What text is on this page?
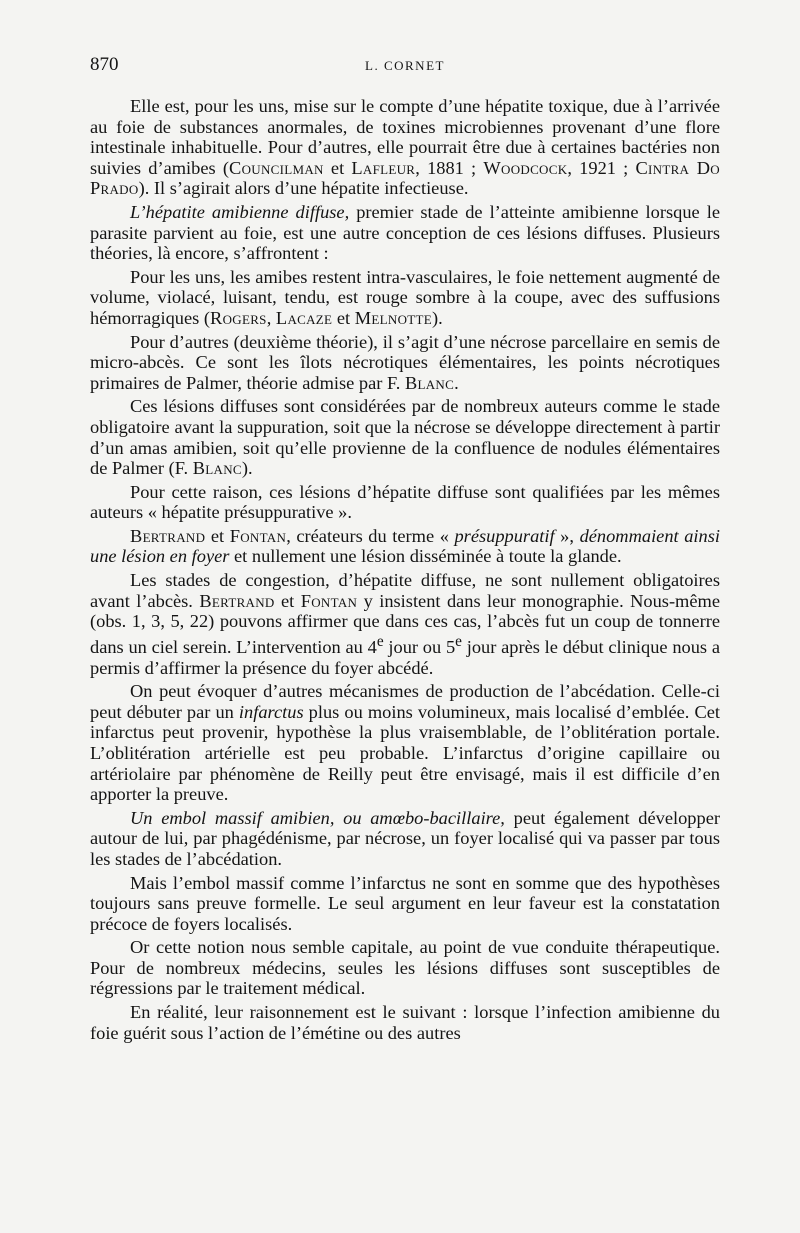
870	L. CORNET

Elle est, pour les uns, mise sur le compte d’une hépatite toxique, due à l’arrivée au foie de substances anormales, de toxines microbiennes provenant d’une flore intestinale inhabituelle. Pour d’autres, elle pourrait être due à certaines bactéries non suivies d’amibes (Councilman et Lafleur, 1881 ; Woodcock, 1921 ; Cintra Do Prado). Il s’agirait alors d’une hépatite infectieuse.

L’hépatite amibienne diffuse, premier stade de l’atteinte amibienne lorsque le parasite parvient au foie, est une autre conception de ces lésions diffuses. Plusieurs théories, là encore, s’affrontent :

Pour les uns, les amibes restent intra-vasculaires, le foie nettement augmenté de volume, violacé, luisant, tendu, est rouge sombre à la coupe, avec des suffusions hémorragiques (Rogers, Lacaze et Melnotte).

Pour d’autres (deuxième théorie), il s’agit d’une nécrose parcellaire en semis de micro-abcès. Ce sont les îlots nécrotiques élémentaires, les points nécrotiques primaires de Palmer, théorie admise par F. Blanc.

Ces lésions diffuses sont considérées par de nombreux auteurs comme le stade obligatoire avant la suppuration, soit que la nécrose se développe directement à partir d’un amas amibien, soit qu’elle provienne de la confluence de nodules élémentaires de Palmer (F. Blanc).

Pour cette raison, ces lésions d’hépatite diffuse sont qualifiées par les mêmes auteurs « hépatite présuppurative ».

Bertrand et Fontan, créateurs du terme « présuppuratif », dénommaient ainsi une lésion en foyer et nullement une lésion disséminée à toute la glande.

Les stades de congestion, d’hépatite diffuse, ne sont nullement obligatoires avant l’abcès. Bertrand et Fontan y insistent dans leur monographie. Nous-même (obs. 1, 3, 5, 22) pouvons affirmer que dans ces cas, l’abcès fut un coup de tonnerre dans un ciel serein. L’intervention au 4e jour ou 5e jour après le début clinique nous a permis d’affirmer la présence du foyer abcédé.

On peut évoquer d’autres mécanismes de production de l’abcédation. Celle-ci peut débuter par un infarctus plus ou moins volumineux, mais localisé d’emblée. Cet infarctus peut provenir, hypothèse la plus vraisemblable, de l’oblitération portale. L’oblitération artérielle est peu probable. L’infarctus d’origine capillaire ou artériolaire par phénomène de Reilly peut être envisagé, mais il est difficile d’en apporter la preuve.

Un embol massif amibien, ou amœbo-bacillaire, peut également développer autour de lui, par phagédénisme, par nécrose, un foyer localisé qui va passer par tous les stades de l’abcédation.

Mais l’embol massif comme l’infarctus ne sont en somme que des hypothèses toujours sans preuve formelle. Le seul argument en leur faveur est la constatation précoce de foyers localisés.

Or cette notion nous semble capitale, au point de vue conduite thérapeutique. Pour de nombreux médecins, seules les lésions diffuses sont susceptibles de régressions par le traitement médical.

En réalité, leur raisonnement est le suivant : lorsque l’infection amibienne du foie guérit sous l’action de l’émétine ou des autres
